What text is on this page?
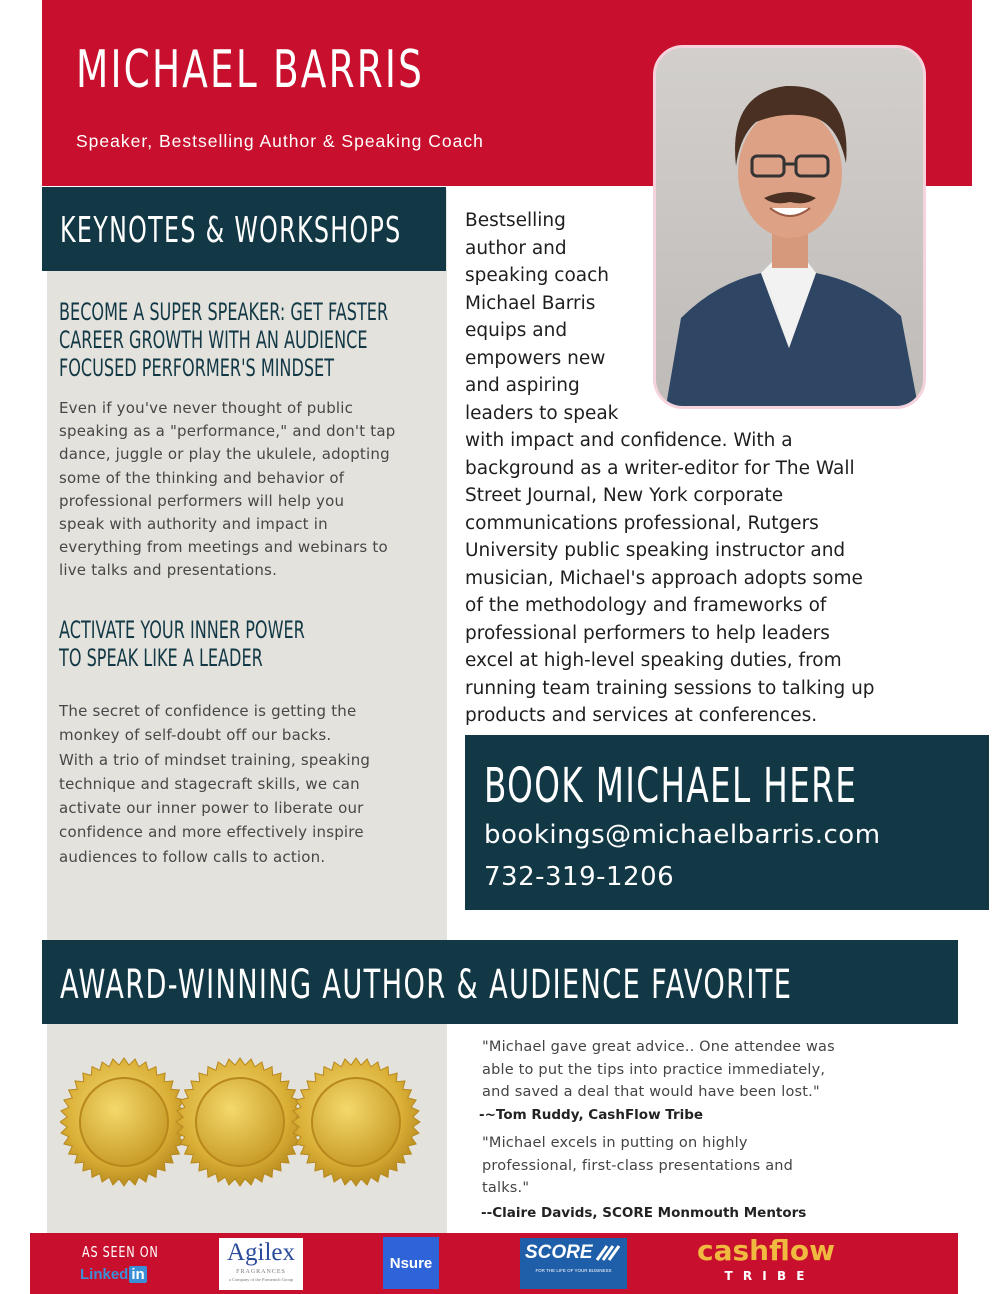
MICHAEL BARRIS
Speaker, Bestselling Author & Speaking Coach
KEYNOTES & WORKSHOPS
BECOME A SUPER SPEAKER: GET FASTER
CAREER GROWTH WITH AN AUDIENCE
FOCUSED PERFORMER'S MINDSET
Even if you've never thought of public
speaking as a "performance," and don't tap
dance, juggle or play the ukulele, adopting
some of the thinking and behavior of
professional performers will help you
speak with authority and impact in
everything from meetings and webinars to
live talks and presentations.
ACTIVATE YOUR INNER POWER
TO SPEAK LIKE A LEADER
The secret of confidence is getting the
monkey of self-doubt off our backs.
With a trio of mindset training, speaking
technique and stagecraft skills, we can
activate our inner power to liberate our
confidence and more effectively inspire
audiences to follow calls to action.
Bestselling
author and
speaking coach
Michael Barris
equips and
empowers new
and aspiring
leaders to speak
with impact and confidence. With a
background as a writer-editor for The Wall
Street Journal, New York corporate
communications professional, Rutgers
University public speaking instructor and
musician, Michael's approach adopts some
of the methodology and frameworks of
professional performers to help leaders
excel at high-level speaking duties, from
running team training sessions to talking up
products and services at conferences.
BOOK MICHAEL HERE
bookings@michaelbarris.com
732-319-1206
AWARD-WINNING AUTHOR & AUDIENCE FAVORITE
"Michael gave great advice.. One attendee was
able to put the tips into practice immediately,
and saved a deal that would have been lost."
-~Tom Ruddy, CashFlow Tribe
"Michael excels in putting on highly
professional, first-class presentations and
talks."
--Claire Davids, SCORE Monmouth Mentors
AS SEEN ON
Linked in
Agilex
FRAGRANCES
a Company of the Firmenich Group
Nsure	SCORE
FOR THE LIFE OF YOUR BUSINESS
cashflow
T R I B E
